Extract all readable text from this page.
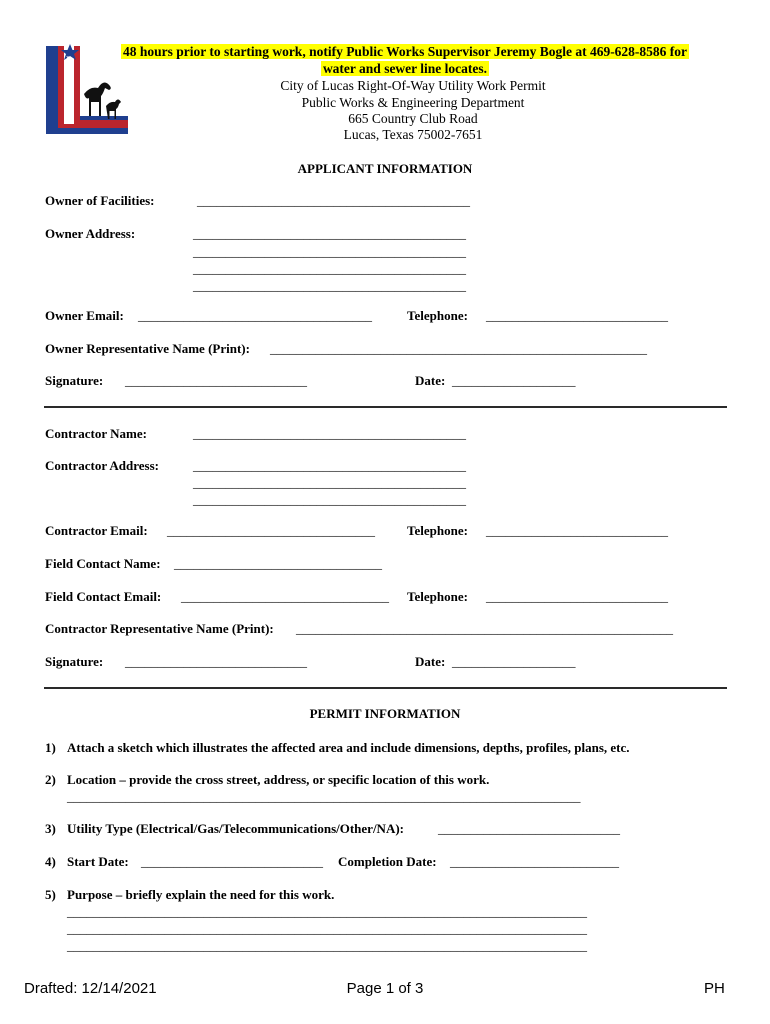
Lucas
48 hours prior to starting work, notify Public Works Supervisor Jeremy Bogle at 469-628-8586 for
water and sewer line locates.
City of Lucas Right-Of-Way Utility Work Permit
Public Works & Engineering Department
665 Country Club Road
Lucas, Texas 75002-7651
APPLICANT INFORMATION
Owner of Facilities:	__________________________________________
Owner Address:	__________________________________________
__________________________________________
__________________________________________
__________________________________________
Owner Email: ____________________________________	Telephone: ____________________________
Owner Representative Name (Print): __________________________________________________________
Signature: ____________________________	Date: ___________________
Contractor Name:	__________________________________________
Contractor Address:	__________________________________________
__________________________________________
__________________________________________
Contractor Email: ________________________________ Telephone: ____________________________
Field Contact Name: ________________________________
Field Contact Email: ________________________________ Telephone: ____________________________
Contractor Representative Name (Print): __________________________________________________________
Signature: ____________________________	Date: ___________________
PERMIT INFORMATION
1) Attach a sketch which illustrates the affected area and include dimensions, depths, profiles, plans, etc.
2) Location – provide the cross street, address, or specific location of this work.
_______________________________________________________________________________
3) Utility Type (Electrical/Gas/Telecommunications/Other/NA):	____________________________
4) Start Date: ____________________________ Completion Date: __________________________
5) Purpose – briefly explain the need for this work.
________________________________________________________________________________
________________________________________________________________________________
________________________________________________________________________________
Drafted: 12/14/2021	Page 1 of 3	PH
